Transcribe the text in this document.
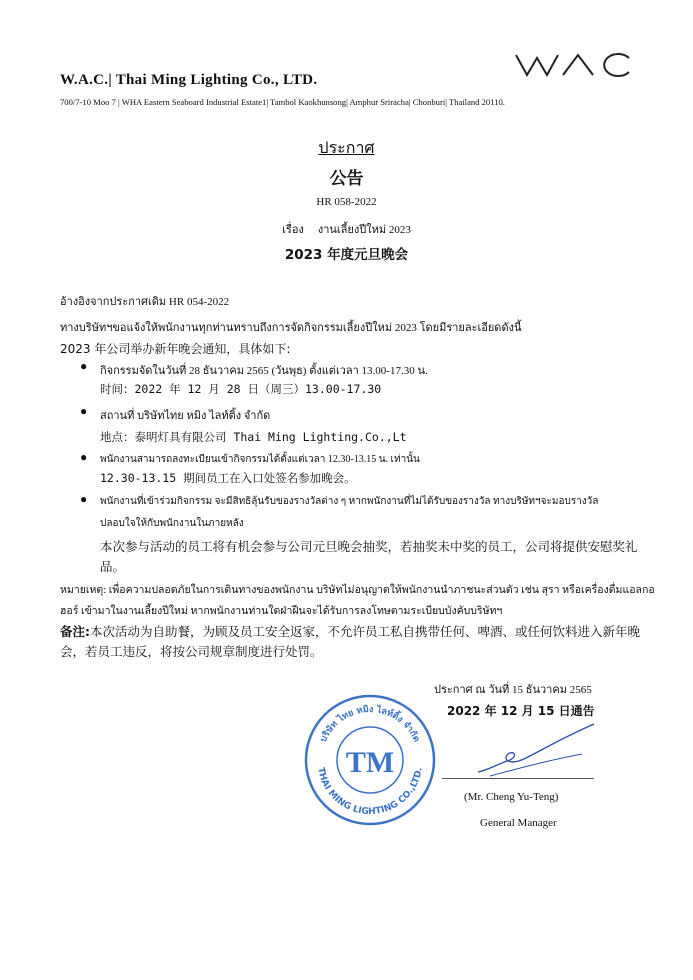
W.A.C.| Thai Ming Lighting Co., LTD.
700/7-10 Moo 7 | WHA Eastern Seaboard Industrial Estate1| Tambol Kaokhunsong| Amphur Sriracha| Chonburi| Thailand 20110.
ประกาศ
公告
HR 058-2022
เรื่อง งานเลี้ยงปีใหม่ 2023
2023 年度元旦晚会
อ้างอิงจากประกาศเดิม HR 054-2022
ทางบริษัทฯขอแจ้งให้พนักงานทุกท่านทราบถึงการจัดกิจกรรมเลี้ยงปีใหม่ 2023 โดยมีรายละเอียดดังนี้
2023 年公司举办新年晚会通知，具体如下:
● กิจกรรมจัดในวันที่ 28 ธันวาคม 2565 (วันพุธ) ตั้งแต่เวลา 13.00-17.30 น.
时间：2022 年 12 月 28 日（周三）13.00-17.30
● สถานที่ บริษัทไทย หมิง ไลท์ติ้ง จำกัด
地点：泰明灯具有限公司 Thai Ming Lighting.Co.,Lt
● พนักงานสามารถลงทะเบียนเข้ากิจกรรมได้ตั้งแต่เวลา 12.30-13.15 น. เท่านั้น
12.30-13.15 期间员工在入口处签名参加晚会。
● พนักงานที่เข้าร่วมกิจกรรม จะมีสิทธิลุ้นรับของรางวัลต่าง ๆ หากพนักงานที่ไม่ได้รับของรางวัล ทางบริษัทฯจะมอบรางวัล
ปลอบใจให้กับพนักงานในภายหลัง
本次参与活动的员工将有机会参与公司元旦晚会抽奖，若抽奖未中奖的员工，公司将提供安慰奖礼品。
หมายเหตุ: เพื่อความปลอดภัยในการเดินทางของพนักงาน บริษัทไม่อนุญาตให้พนักงานนำภาชนะส่วนตัว เช่น สุรา หรือเครื่องดื่มแอลกอฮอร์ เข้ามาในงานเลี้ยงปีใหม่ หากพนักงานท่านใดฝ่าฝืนจะได้รับการลงโทษตามระเบียบบังคับบริษัทฯ
备注:本次活动为自助餐，为顾及员工安全返家，不允许员工私自携带任何、啤酒、或任何饮料进入新年晚会，若员工违反，将按公司规章制度进行处罚。
ประกาศ ณ วันที่ 15 ธันวาคม 2565
2022 年 12 月 15 日通告
TM
บริษัท ไทย หมิง ไลท์ติ้ง จำกัด
THAI MING LIGHTING CO.,LTD.
(Mr. Cheng Yu-Teng)
General Manager
